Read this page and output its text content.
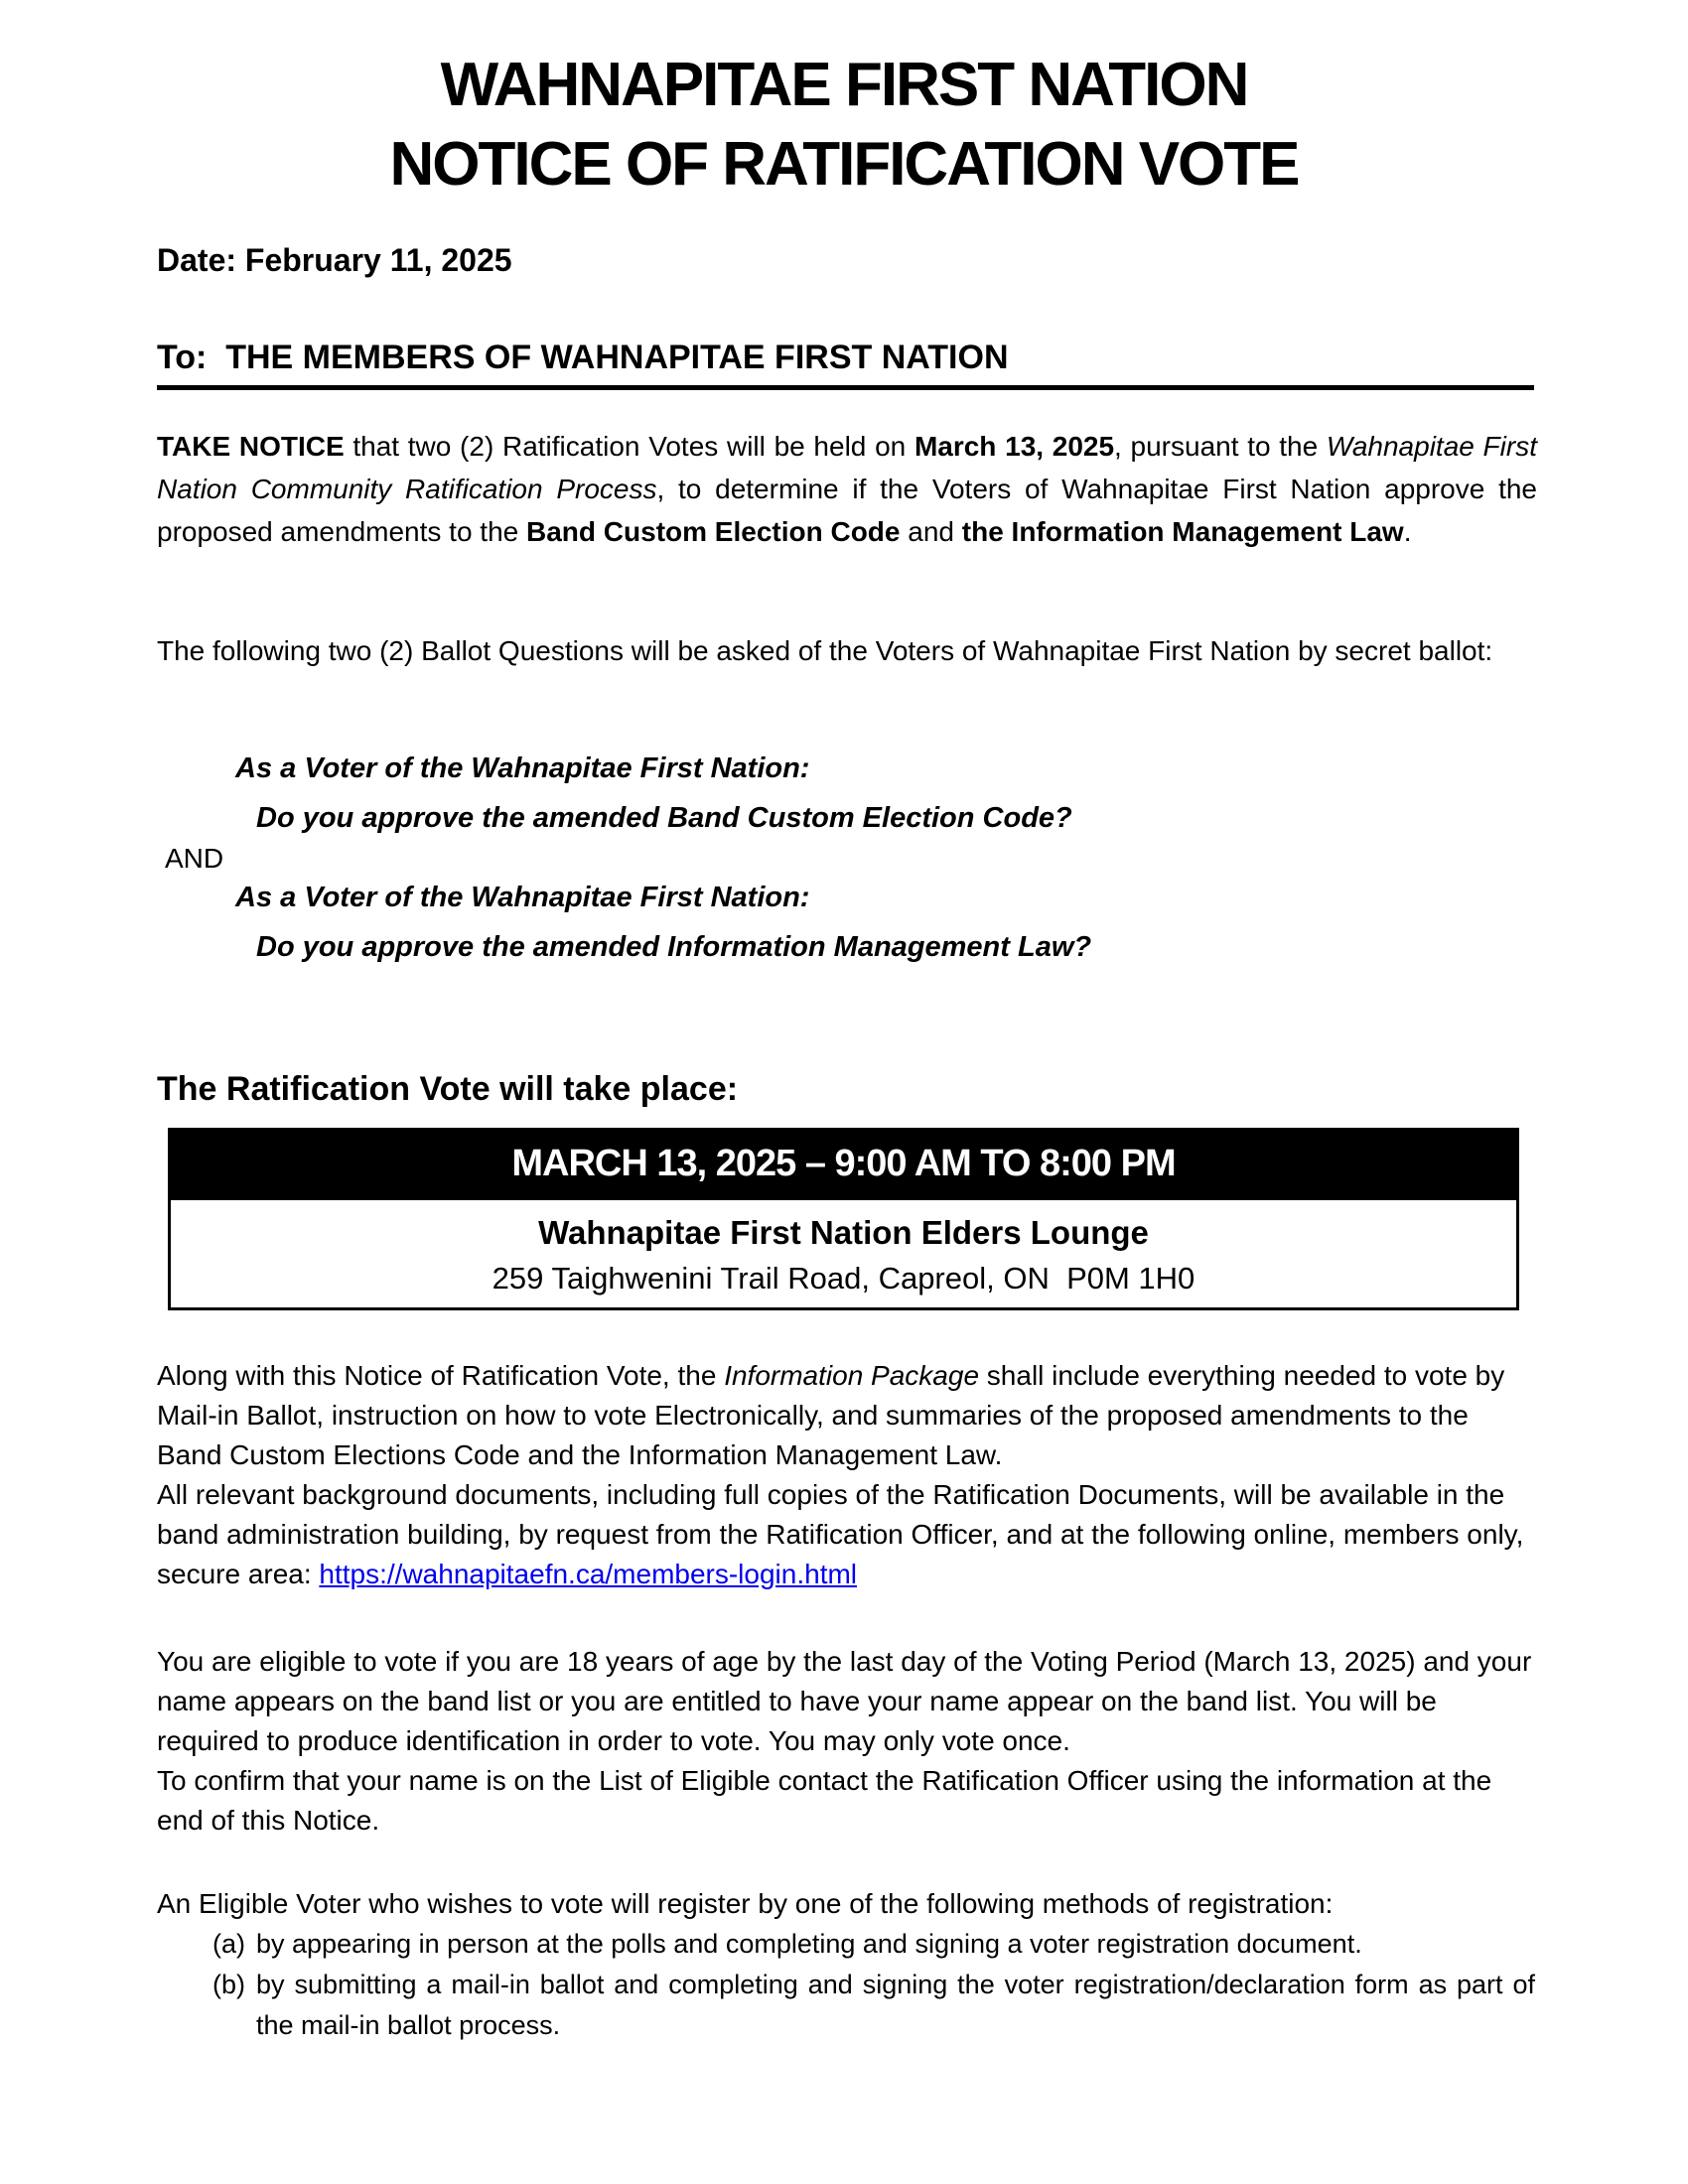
WAHNAPITAE FIRST NATION
NOTICE OF RATIFICATION VOTE
Date: February 11, 2025
To:  THE MEMBERS OF WAHNAPITAE FIRST NATION
TAKE NOTICE that two (2) Ratification Votes will be held on March 13, 2025, pursuant to the Wahnapitae First Nation Community Ratification Process, to determine if the Voters of Wahnapitae First Nation approve the proposed amendments to the Band Custom Election Code and the Information Management Law.
The following two (2) Ballot Questions will be asked of the Voters of Wahnapitae First Nation by secret ballot:
As a Voter of the Wahnapitae First Nation:
Do you approve the amended Band Custom Election Code?
AND
As a Voter of the Wahnapitae First Nation:
Do you approve the amended Information Management Law?
The Ratification Vote will take place:
MARCH 13, 2025 – 9:00 AM TO 8:00 PM
Wahnapitae First Nation Elders Lounge
259 Taighwenini Trail Road, Capreol, ON  P0M 1H0
Along with this Notice of Ratification Vote, the Information Package shall include everything needed to vote by Mail-in Ballot, instruction on how to vote Electronically, and summaries of the proposed amendments to the Band Custom Elections Code and the Information Management Law.
All relevant background documents, including full copies of the Ratification Documents, will be available in the band administration building, by request from the Ratification Officer, and at the following online, members only, secure area: https://wahnapitaefn.ca/members-login.html
You are eligible to vote if you are 18 years of age by the last day of the Voting Period (March 13, 2025) and your name appears on the band list or you are entitled to have your name appear on the band list. You will be required to produce identification in order to vote. You may only vote once.
To confirm that your name is on the List of Eligible contact the Ratification Officer using the information at the end of this Notice.
An Eligible Voter who wishes to vote will register by one of the following methods of registration:
(a) by appearing in person at the polls and completing and signing a voter registration document.
(b) by submitting a mail-in ballot and completing and signing the voter registration/declaration form as part of the mail-in ballot process.
